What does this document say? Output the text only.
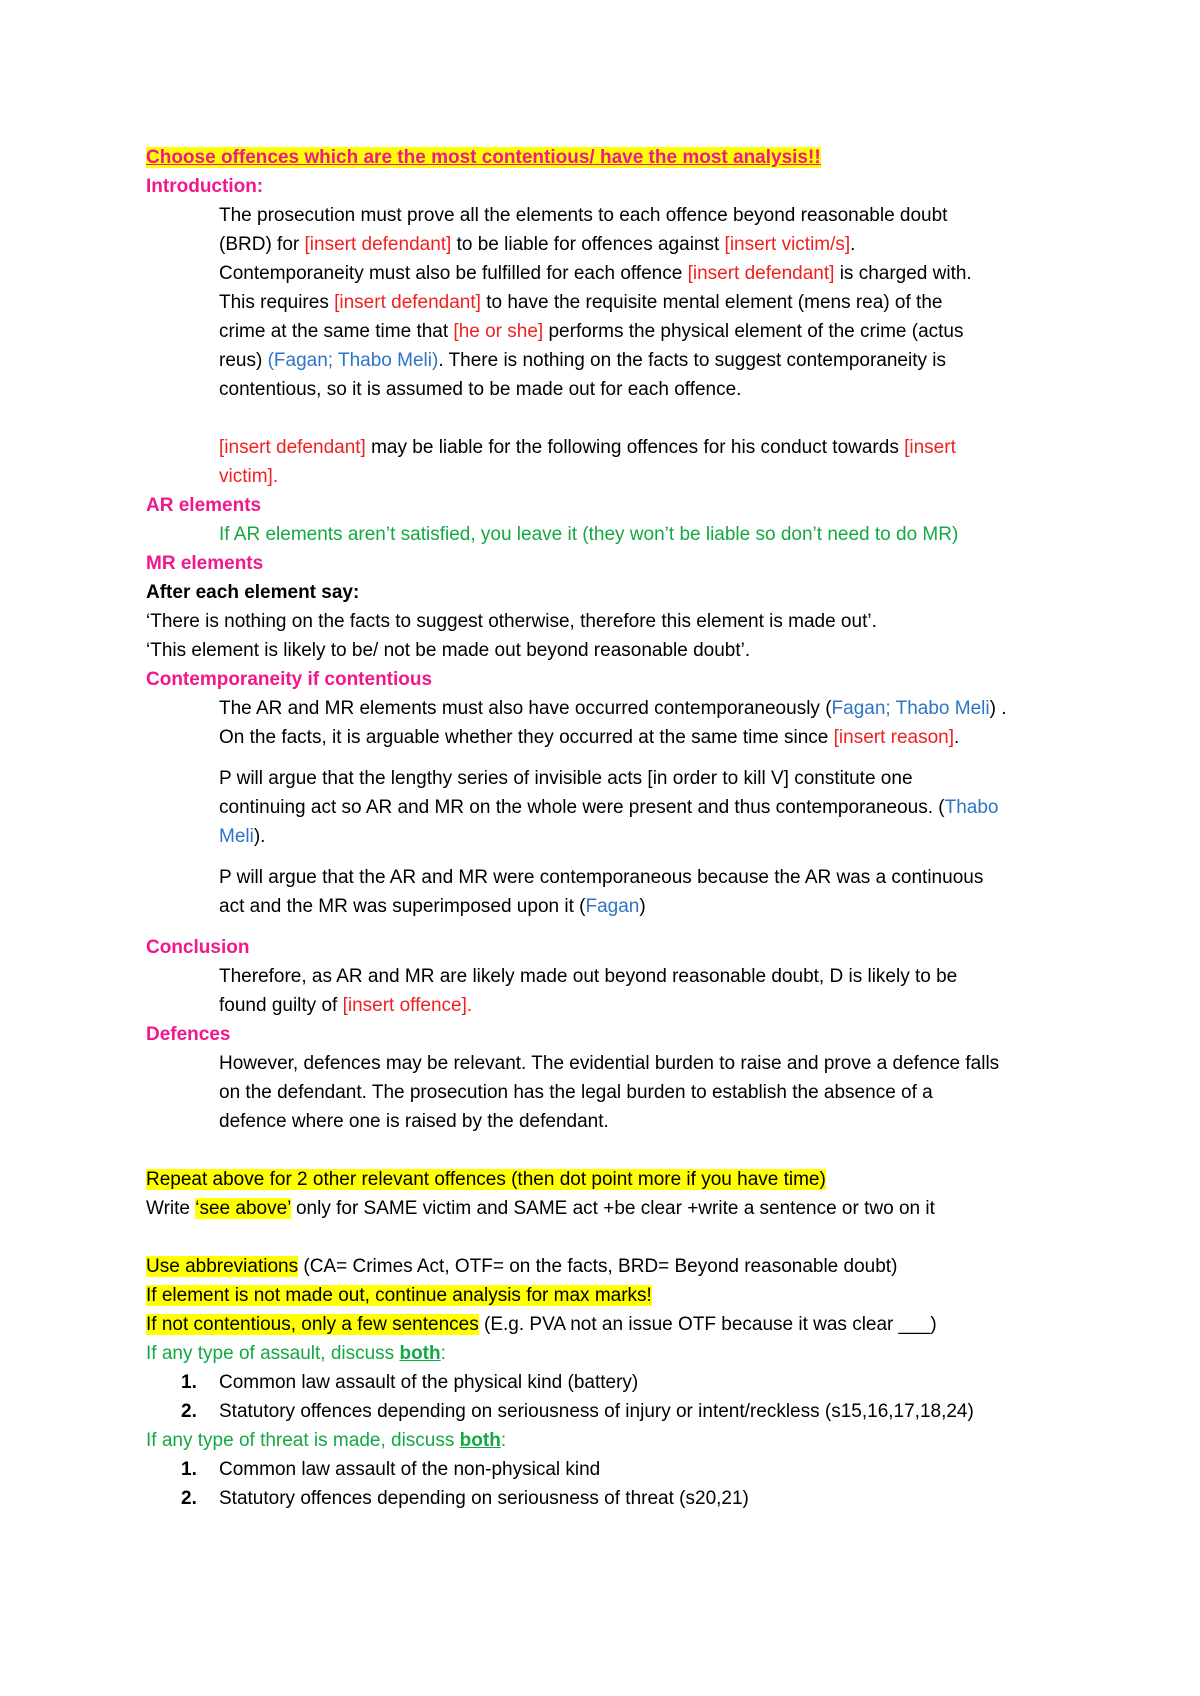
Choose offences which are the most contentious/ have the most analysis!!

Introduction:

The prosecution must prove all the elements to each offence beyond reasonable doubt

(BRD) for [insert defendant] to be liable for offences against [insert victim/s].

Contemporaneity must also be fulfilled for each offence [insert defendant] is charged with.

This requires [insert defendant] to have the requisite mental element (mens rea) of the

crime at the same time that [he or she] performs the physical element of the crime (actus

reus) (Fagan; Thabo Meli). There is nothing on the facts to suggest contemporaneity is

contentious, so it is assumed to be made out for each offence.

[insert defendant] may be liable for the following offences for his conduct towards [insert

victim].

AR elements

If AR elements aren’t satisfied, you leave it (they won’t be liable so don’t need to do MR)

MR elements

After each element say:

‘There is nothing on the facts to suggest otherwise, therefore this element is made out’.

‘This element is likely to be/ not be made out beyond reasonable doubt’.

Contemporaneity if contentious

The AR and MR elements must also have occurred contemporaneously (Fagan; Thabo Meli) .

On the facts, it is arguable whether they occurred at the same time since [insert reason].

P will argue that the lengthy series of invisible acts [in order to kill V] constitute one

continuing act so AR and MR on the whole were present and thus contemporaneous. (Thabo

Meli).

P will argue that the AR and MR were contemporaneous because the AR was a continuous

act and the MR was superimposed upon it (Fagan)

Conclusion

Therefore, as AR and MR are likely made out beyond reasonable doubt, D is likely to be

found guilty of [insert offence].

Defences

However, defences may be relevant. The evidential burden to raise and prove a defence falls

on the defendant. The prosecution has the legal burden to establish the absence of a

defence where one is raised by the defendant.

Repeat above for 2 other relevant offences (then dot point more if you have time)

Write ‘see above’ only for SAME victim and SAME act +be clear +write a sentence or two on it

Use abbreviations (CA= Crimes Act, OTF= on the facts, BRD= Beyond reasonable doubt)

If element is not made out, continue analysis for max marks!

If not contentious, only a few sentences (E.g. PVA not an issue OTF because it was clear ___)

If any type of assault, discuss both:

1. Common law assault of the physical kind (battery)
2. Statutory offences depending on seriousness of injury or intent/reckless (s15,16,17,18,24)

If any type of threat is made, discuss both:

1. Common law assault of the non-physical kind
2. Statutory offences depending on seriousness of threat (s20,21)
